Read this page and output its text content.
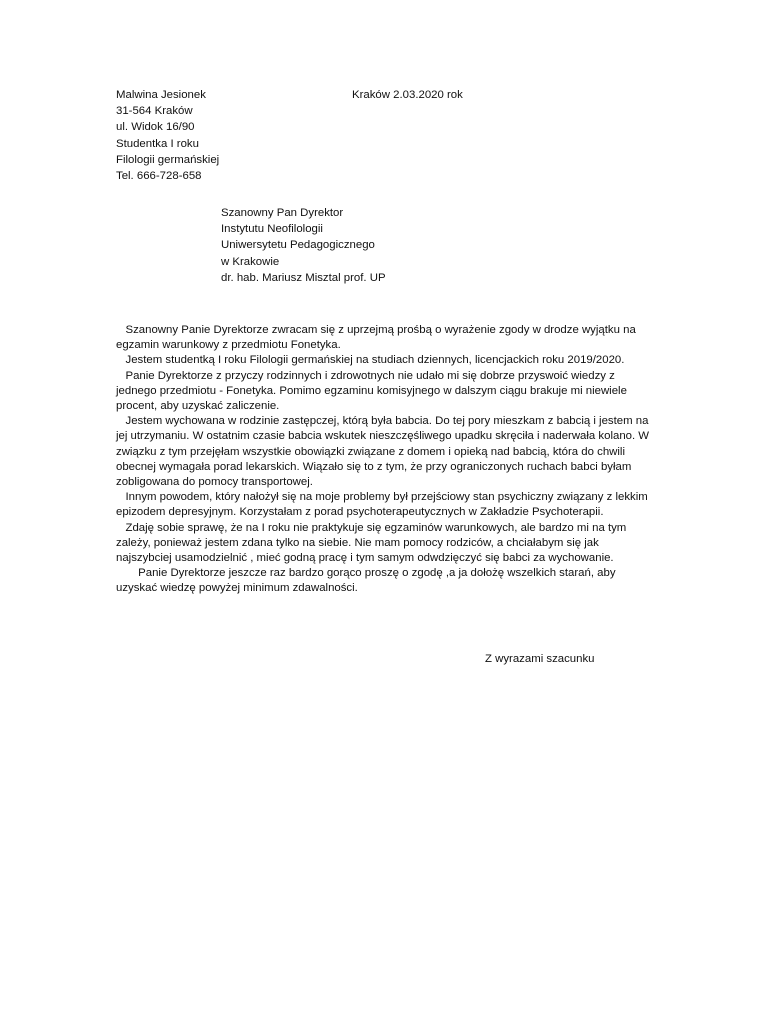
Malwina Jesionek
31-564 Kraków
ul. Widok 16/90
Studentka I roku
Filologii germańskiej
Tel. 666-728-658
Kraków 2.03.2020 rok
Szanowny Pan Dyrektor
Instytutu Neofilologii
Uniwersytetu Pedagogicznego
w Krakowie
dr. hab. Mariusz Misztal prof. UP

Szanowny Panie Dyrektorze zwracam się z uprzejmą prośbą o wyrażenie zgody w drodze wyjątku na egzamin warunkowy z przedmiotu Fonetyka.

Jestem studentką I roku Filologii germańskiej na studiach dziennych, licencjackich roku 2019/2020.

Panie Dyrektorze z przyczy rodzinnych i zdrowotnych nie udało mi się dobrze przyswoić wiedzy z jednego przedmiotu - Fonetyka. Pomimo egzaminu komisyjnego w dalszym ciągu brakuje mi niewiele procent, aby uzyskać zaliczenie.

Jestem wychowana w rodzinie zastępczej, którą była babcia. Do tej pory mieszkam z babcią i jestem na jej utrzymaniu. W ostatnim czasie babcia wskutek nieszczęśliwego upadku skręciła i naderwała kolano. W związku z tym przejęłam wszystkie obowiązki związane z domem i opieką nad babcią, która do chwili obecnej wymagała porad lekarskich. Wiązało się to z tym, że przy ograniczonych ruchach babci byłam zobligowana do pomocy transportowej.

Innym powodem, który nałożył się na moje problemy był przejściowy stan psychiczny związany z lekkim epizodem depresyjnym. Korzystałam z porad psychoterapeutycznych w Zakładzie Psychoterapii.

Zdaję sobie sprawę, że na I roku nie praktykuje się egzaminów warunkowych, ale bardzo mi na tym zależy, ponieważ jestem zdana tylko na siebie. Nie mam pomocy rodziców, a chciałabym się jak najszybciej usamodzielnić , mieć godną pracę i tym samym odwdzięczyć się babci za wychowanie.

Panie Dyrektorze jeszcze raz bardzo gorąco proszę o zgodę ,a ja dołożę wszelkich starań, aby uzyskać wiedzę powyżej minimum zdawalności.

Z wyrazami szacunku
